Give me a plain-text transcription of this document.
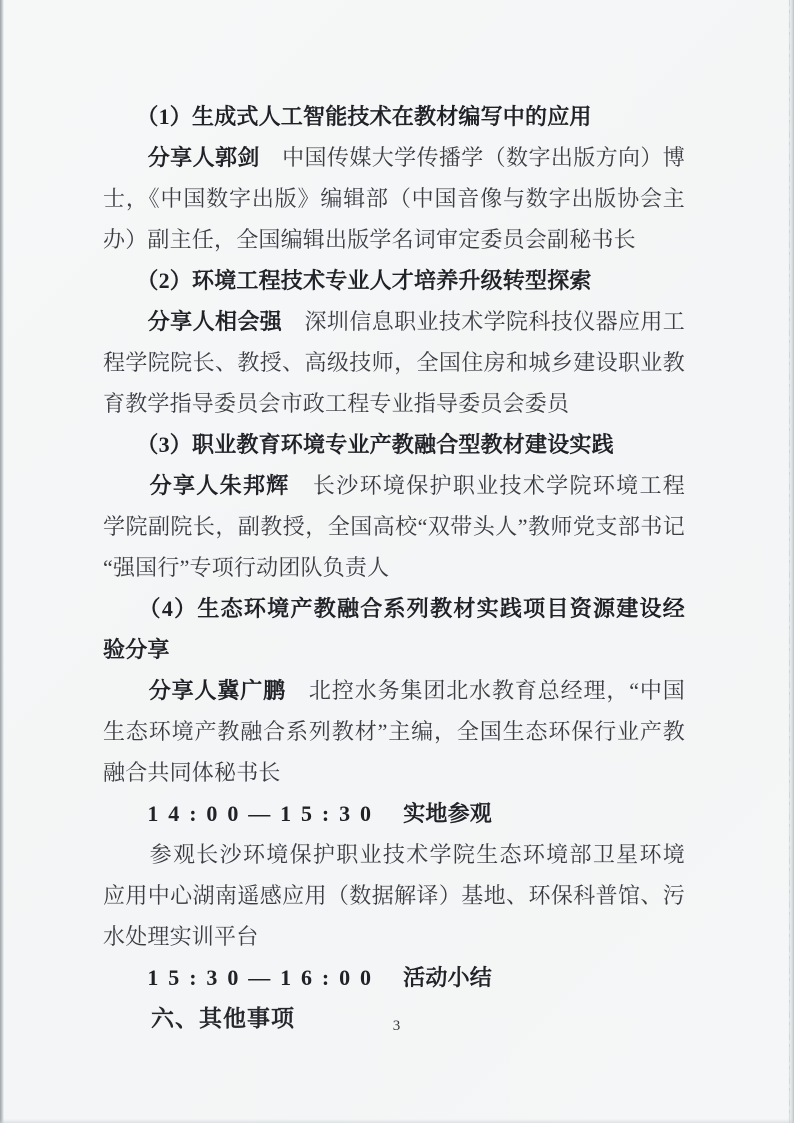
　　（1）生成式人工智能技术在教材编写中的应用
　　分享人郭剑　中国传媒大学传播学（数字出版方向）博
士，《中国数字出版》编辑部（中国音像与数字出版协会主
办）副主任，全国编辑出版学名词审定委员会副秘书长
　　（2）环境工程技术专业人才培养升级转型探索
　　分享人相会强　深圳信息职业技术学院科技仪器应用工
程学院院长、教授、高级技师，全国住房和城乡建设职业教
育教学指导委员会市政工程专业指导委员会委员
　　（3）职业教育环境专业产教融合型教材建设实践
　　分享人朱邦辉　长沙环境保护职业技术学院环境工程
学院副院长，副教授，全国高校“双带头人”教师党支部书记
“强国行”专项行动团队负责人
　　（4）生态环境产教融合系列教材实践项目资源建设经
验分享
　　分享人冀广鹏　北控水务集团北水教育总经理，“中国
生态环境产教融合系列教材”主编，全国生态环保行业产教
融合共同体秘书长
　　14:00—15:30　实地参观
　　参观长沙环境保护职业技术学院生态环境部卫星环境
应用中心湖南遥感应用（数据解译）基地、环保科普馆、污
水处理实训平台
　　15:30—16:00　活动小结
　　六、其他事项	3
